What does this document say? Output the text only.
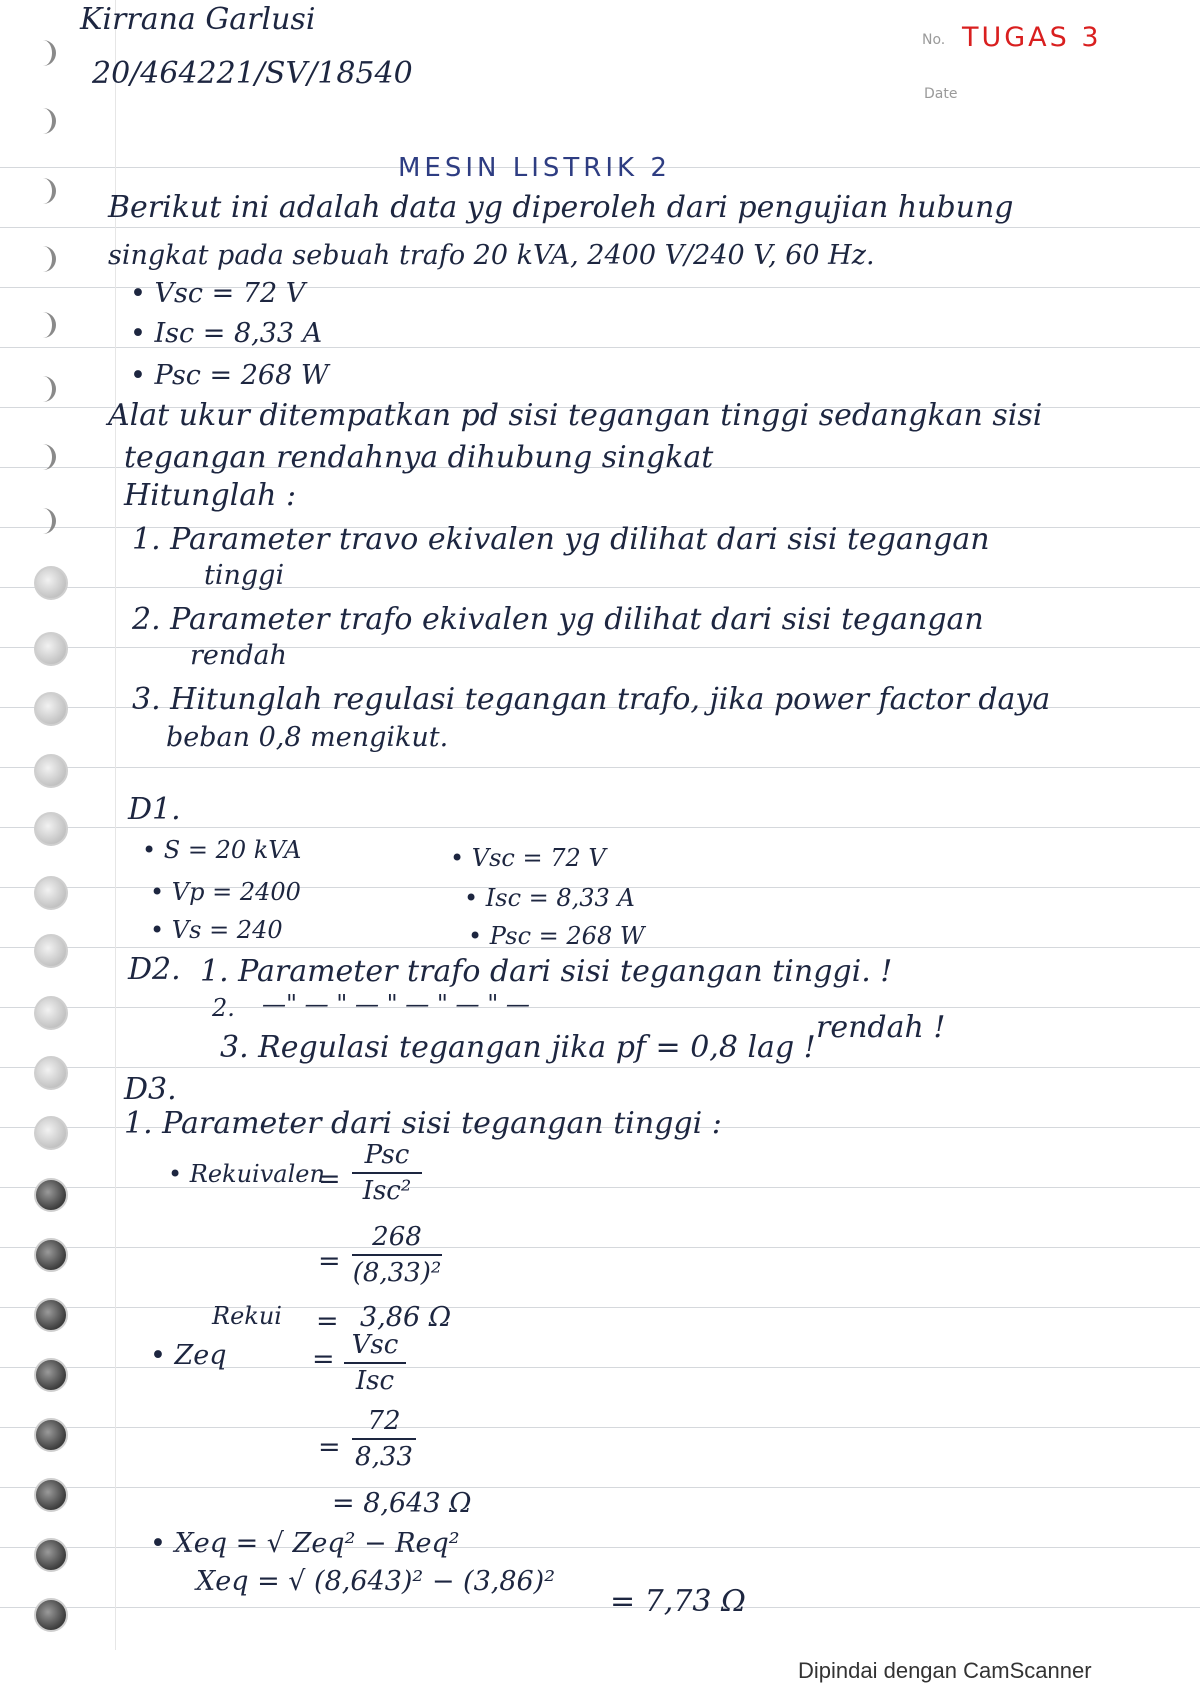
Kirrana Garlusi
20/464221/SV/18540
No. TUGAS 3
Date
MESIN LISTRIK 2
Berikut ini adalah data yg diperoleh dari pengujian hubung
singkat pada sebuah trafo 20 kVA, 2400 V/240 V, 60 Hz.
• Vsc = 72 V
• Isc = 8,33 A
• Psc = 268 W
Alat ukur ditempatkan pd sisi tegangan tinggi sedangkan sisi
tegangan rendahnya dihubung singkat
Hitunglah :
1. Parameter travo ekivalen yg dilihat dari sisi tegangan
tinggi
2. Parameter trafo ekivalen yg dilihat dari sisi tegangan
rendah
3. Hitunglah regulasi tegangan trafo, jika power factor daya
beban 0,8 mengikut.
D1.
• S = 20 kVA
• Vp = 2400
• Vs = 240
• Vsc = 72 V
• Isc = 8,33 A
• Psc = 268 W
D2. 1. Parameter trafo dari sisi tegangan tinggi. !
2. —" — " — " — " — " —
rendah !
3. Regulasi tegangan jika pf = 0,8 lag !
D3.
1. Parameter dari sisi tegangan tinggi :
• Rekuivalen
=
Psc
Isc²
=
268
(8,33)²
Rekui = 3,86 Ω
• Zeq	= Vsc
Isc
=
72
8,33
= 8,643 Ω
• Xeq = √ Zeq² − Req²
Xeq = √ (8,643)² − (3,86)²
= 7,73 Ω
Dipindai dengan CamScanner
